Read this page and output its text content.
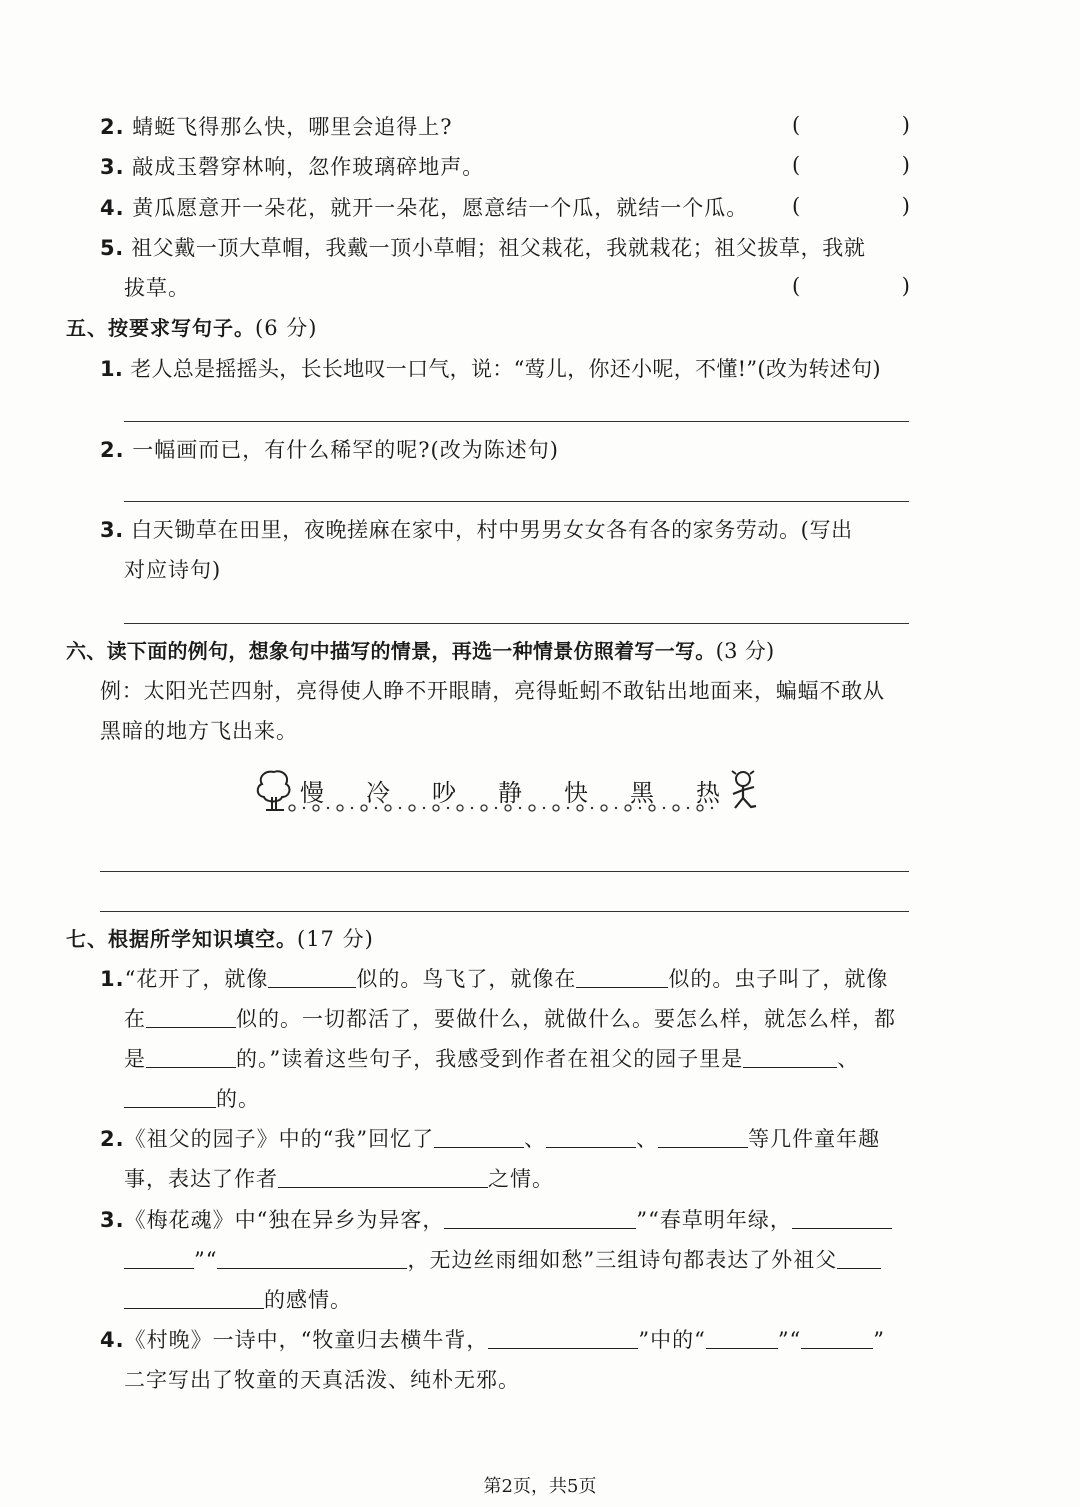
2. 蜻蜓飞得那么快，哪里会追得上?	(	)
3. 敲成玉磬穿林响，忽作玻璃碎地声。	(	)
4. 黄瓜愿意开一朵花，就开一朵花，愿意结一个瓜，就结一个瓜。 (	)
5. 祖父戴一顶大草帽，我戴一顶小草帽；祖父栽花，我就栽花；祖父拔草，我就
拔草。	(	)
五、按要求写句子。(6 分)
1. 老人总是摇摇头，长长地叹一口气，说：“莺儿，你还小呢，不懂!”(改为转述句)
2. 一幅画而已，有什么稀罕的呢?(改为陈述句)
3. 白天锄草在田里，夜晚搓麻在家中，村中男男女女各有各的家务劳动。(写出
对应诗句)
六、读下面的例句，想象句中描写的情景，再选一种情景仿照着写一写。(3 分)
例：太阳光芒四射，亮得使人睁不开眼睛，亮得蚯蚓不敢钻出地面来，蝙蝠不敢从
黑暗的地方飞出来。
慢 冷 吵 静 快 黑 热
七、根据所学知识填空。(17 分)
1.“花开了，就像	似的。鸟飞了，就像在	似的。虫子叫了，就像
在	似的。一切都活了，要做什么，就做什么。要怎么样，就怎么样，都
是	的。”读着这些句子，我感受到作者在祖父的园子里是	、
的。
2.《祖父的园子》中的“我”回忆了	、	、	等几件童年趣
事，表达了作者	之情。
3.《梅花魂》中“独在异乡为异客，	”“春草明年绿，
”“	，无边丝雨细如愁”三组诗句都表达了外祖父
的感情。
4.《村晚》一诗中，“牧童归去横牛背，	”中的“	”“	”
二字写出了牧童的天真活泼、纯朴无邪。
第2页，共5页
